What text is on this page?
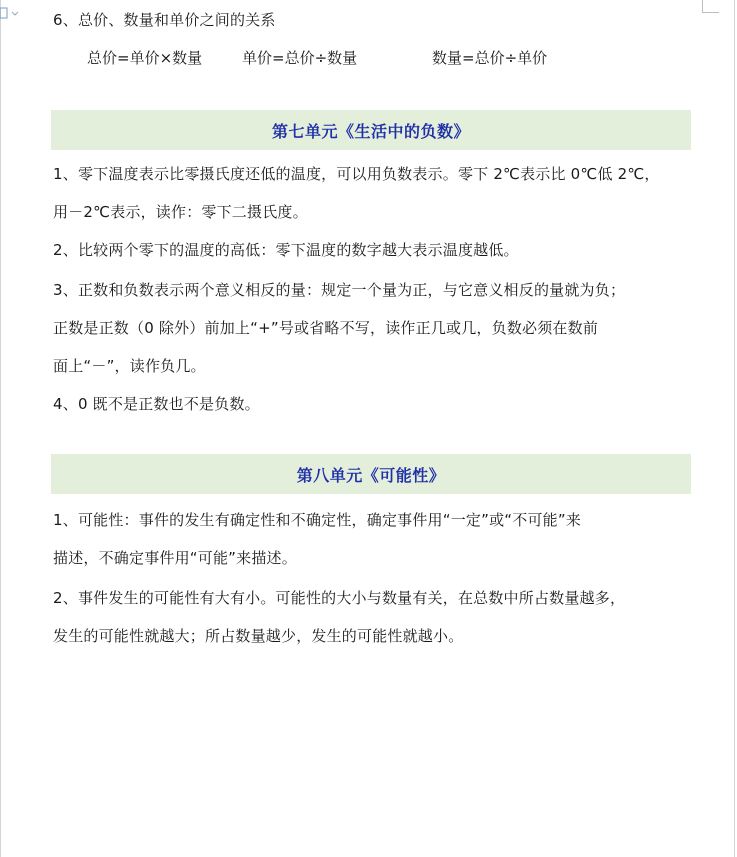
6、总价、数量和单价之间的关系
总价=单价×数量	单价=总价÷数量	数量=总价÷单价
第七单元《生活中的负数》
1、零下温度表示比零摄氏度还低的温度，可以用负数表示。零下 2℃表示比 0℃低 2℃，
用－2℃表示，读作：零下二摄氏度。
2、比较两个零下的温度的高低：零下温度的数字越大表示温度越低。
3、正数和负数表示两个意义相反的量：规定一个量为正，与它意义相反的量就为负；
正数是正数（0 除外）前加上“+”号或省略不写，读作正几或几，负数必须在数前
面上“－”，读作负几。
4、0 既不是正数也不是负数。
第八单元《可能性》
1、可能性：事件的发生有确定性和不确定性，确定事件用“一定”或“不可能”来
描述，不确定事件用“可能”来描述。
2、事件发生的可能性有大有小。可能性的大小与数量有关，在总数中所占数量越多，
发生的可能性就越大；所占数量越少，发生的可能性就越小。
